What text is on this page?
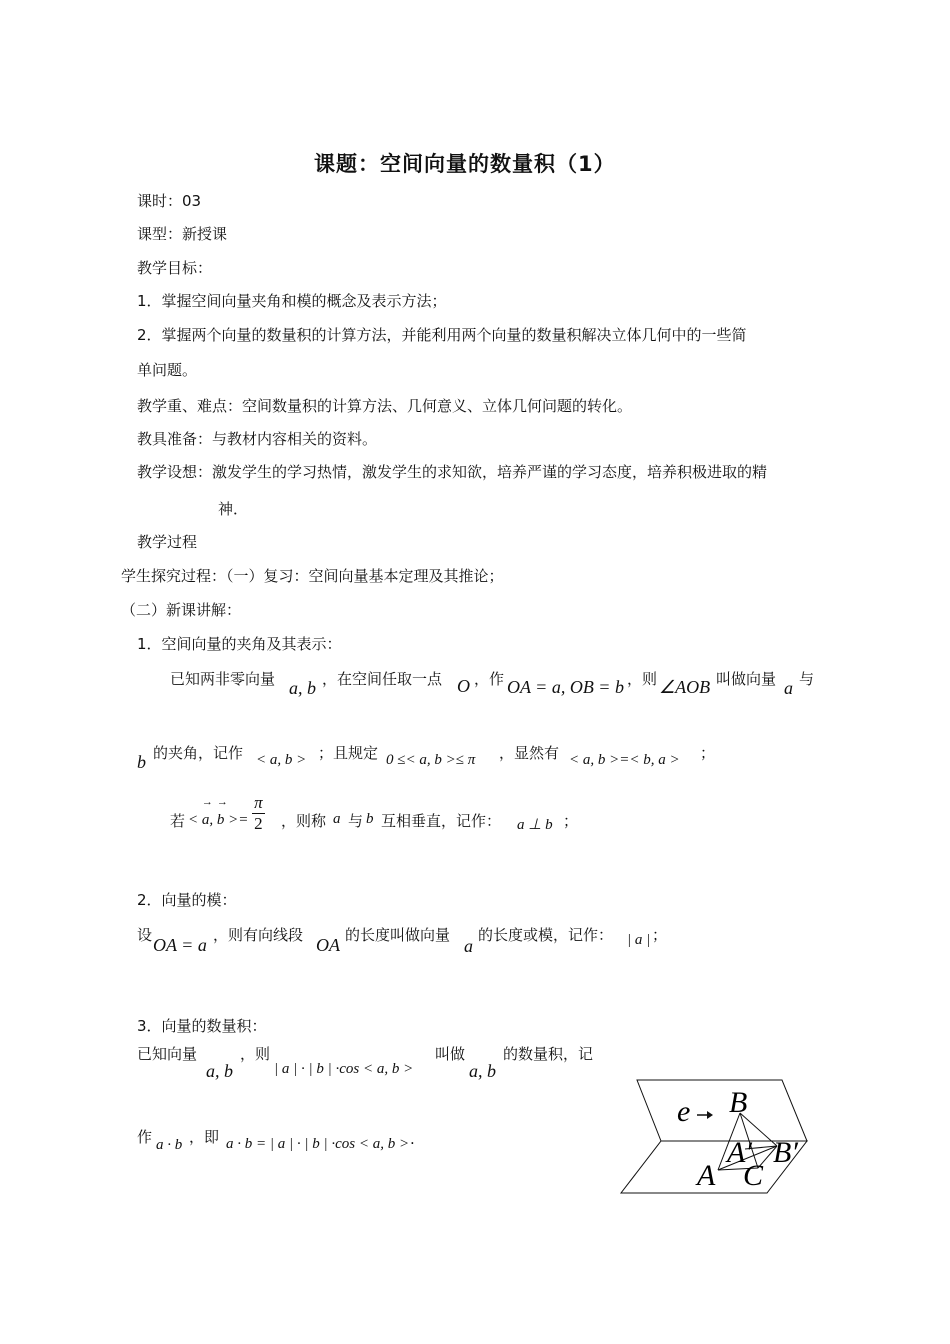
课题：空间向量的数量积（1）
课时：03
课型：新授课
教学目标：
1．掌握空间向量夹角和模的概念及表示方法；
2．掌握两个向量的数量积的计算方法，并能利用两个向量的数量积解决立体几何中的一些简
单问题。
教学重、难点：空间数量积的计算方法、几何意义、立体几何问题的转化。
教具准备：与教材内容相关的资料。
教学设想：激发学生的学习热情，激发学生的求知欲，培养严谨的学习态度，培养积极进取的精
神．
教学过程
学生探究过程：（一）复习：空间向量基本定理及其推论；
（二）新课讲解：
1．空间向量的夹角及其表示：
已知两非零向量 a, b ，在空间任取一点 O ，作 OA = a, OB = b ，则 ∠AOB 叫做向量 a 与
b 的夹角，记作 < a, b > ；且规定 0 ≤< a, b >≤ π ，显然有 < a, b >=< b, a > ；
若 <
→
a,
→
$b >= \frac{\pi}{2}$ ，则称 a 与 b 互相垂直，记作： a ⊥ b ；
2．向量的模：
设 OA = a ，则有向线段 OA 的长度叫做向量
a
的长度或模，记作： | a | ；
3．向量的数量积：
已知向量
a, b
，则
| a | · | b | ·cos < a, b >
叫做
a, b
的数量积，记
作 a · b ，即 a · b = | a | · | b | ·cos < a, b > .
e B
A′ B′
A C
